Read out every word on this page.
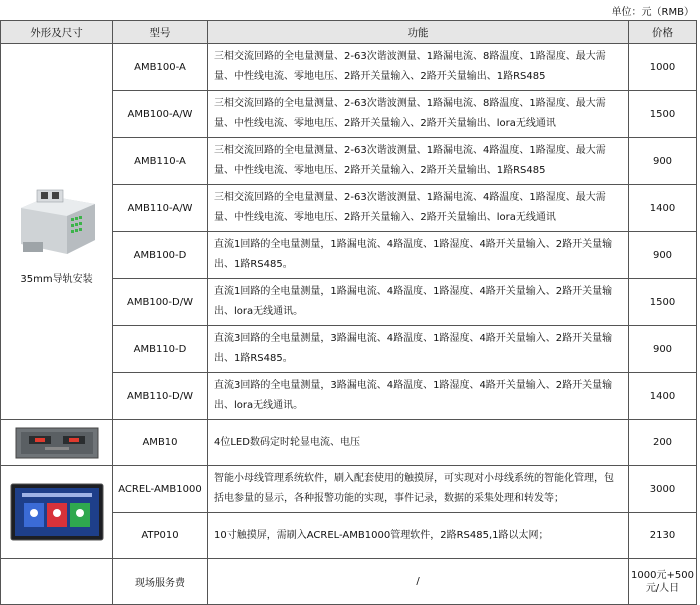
单位：元（RMB）
外形及尺寸	型号	功能	价格

35mm导轨安装	AMB100-A	三相交流回路的全电量测量、2-63次谐波测量、1路漏电流、8路温度、1路湿度、最大需量、中性线电流、零地电压、2路开关量输入、2路开关量输出、1路RS485	1000
	AMB100-A/W	三相交流回路的全电量测量、2-63次谐波测量、1路漏电流、8路温度、1路湿度、最大需量、中性线电流、零地电压、2路开关量输入、2路开关量输出、lora无线通讯	1500
	AMB110-A	三相交流回路的全电量测量、2-63次谐波测量、1路漏电流、4路温度、1路湿度、最大需量、中性线电流、零地电压、2路开关量输入、2路开关量输出、1路RS485	900
	AMB110-A/W	三相交流回路的全电量测量、2-63次谐波测量、1路漏电流、4路温度、1路湿度、最大需量、中性线电流、零地电压、2路开关量输入、2路开关量输出、lora无线通讯	1400
	AMB100-D	直流1回路的全电量测量，1路漏电流、4路温度、1路湿度、4路开关量输入、2路开关量输出、1路RS485。	900
	AMB100-D/W	直流1回路的全电量测量，1路漏电流、4路温度、1路湿度、4路开关量输入、2路开关量输出、lora无线通讯。	1500
	AMB110-D	直流3回路的全电量测量，3路漏电流、4路温度、1路湿度、4路开关量输入、2路开关量输出、1路RS485。	900
	AMB110-D/W	直流3回路的全电量测量，3路漏电流、4路温度、1路湿度、4路开关量输入、2路开关量输出、lora无线通讯。	1400

	AMB10	4位LED数码定时轮显电流、电压	200

	ACREL-AMB1000	智能小母线管理系统软件，刷入配套使用的触摸屏，可实现对小母线系统的智能化管理，包括电参量的显示，各种报警功能的实现，事件记录，数据的采集处理和转发等；	3000
	ATP010	10寸触摸屏，需刷入ACREL-AMB1000管理软件，2路RS485,1路以太网；	2130
	现场服务费	/	1000元+500元/人日
